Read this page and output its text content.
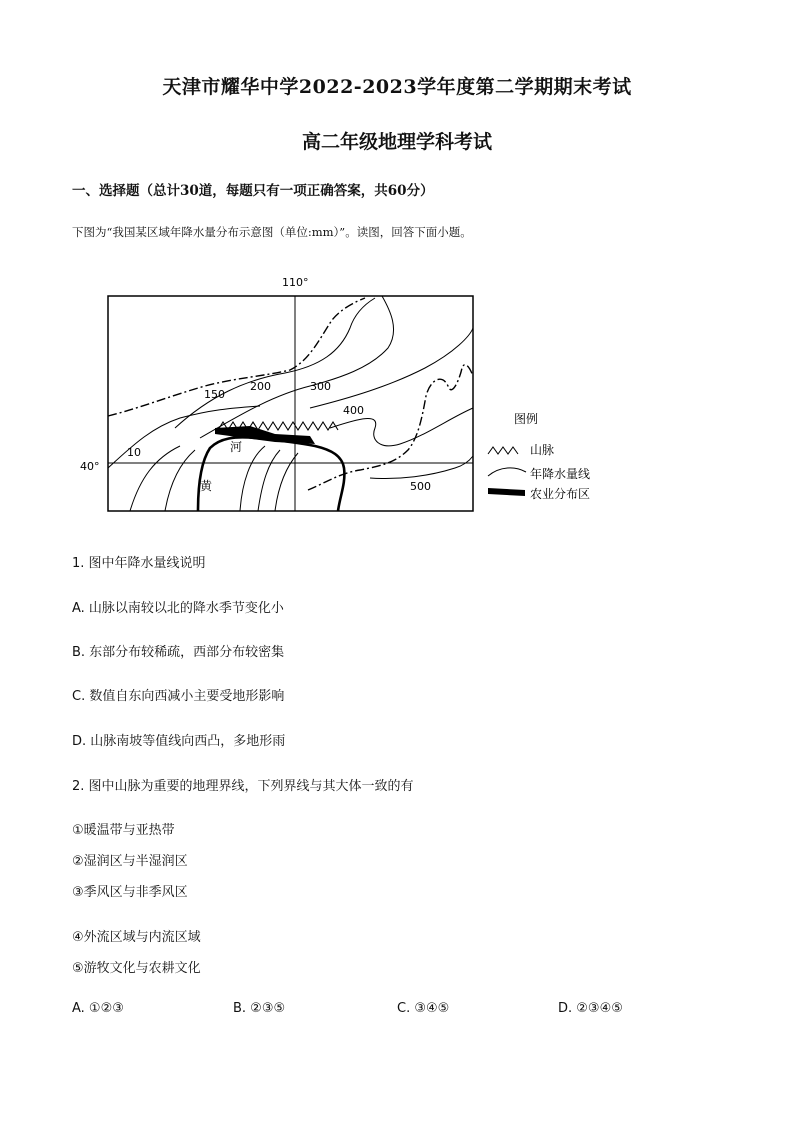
天津市耀华中学2022-2023学年度第二学期期末考试
高二年级地理学科考试
一、选择题（总计30道，每题只有一项正确答案，共60分）
下图为“我国某区域年降水量分布示意图（单位:mm）”。读图，回答下面小题。
110°
40°
150
200	300
400
10
500
河
黄
图例
山脉
年降水量线
农业分布区
1. 图中年降水量线说明
A. 山脉以南较以北的降水季节变化小
B. 东部分布较稀疏，西部分布较密集
C. 数值自东向西减小主要受地形影响
D. 山脉南坡等值线向西凸，多地形雨
2. 图中山脉为重要的地理界线，下列界线与其大体一致的有
①暖温带与亚热带
②湿润区与半湿润区
③季风区与非季风区
④外流区域与内流区域
⑤游牧文化与农耕文化
A. ①②③	B. ②③⑤	C. ③④⑤	D. ②③④⑤
